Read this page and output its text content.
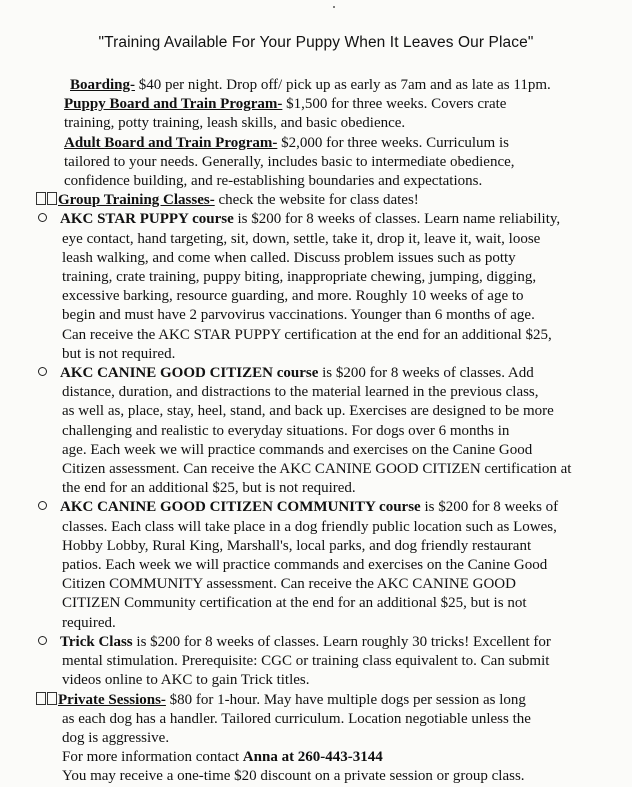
"Training Available For Your Puppy When It Leaves Our Place"
Boarding- $40 per night. Drop off/ pick up as early as 7am and as late as 11pm.
Puppy Board and Train Program- $1,500 for three weeks. Covers crate
training, potty training, leash skills, and basic obedience.
Adult Board and Train Program- $2,000 for three weeks. Curriculum is
tailored to your needs. Generally, includes basic to intermediate obedience,
confidence building, and re-establishing boundaries and expectations.
Group Training Classes- check the website for class dates!
AKC STAR PUPPY course is $200 for 8 weeks of classes. Learn name reliability,
eye contact, hand targeting, sit, down, settle, take it, drop it, leave it, wait, loose
leash walking, and come when called. Discuss problem issues such as potty
training, crate training, puppy biting, inappropriate chewing, jumping, digging,
excessive barking, resource guarding, and more. Roughly 10 weeks of age to
begin and must have 2 parvovirus vaccinations. Younger than 6 months of age.
Can receive the AKC STAR PUPPY certification at the end for an additional $25,
but is not required.
AKC CANINE GOOD CITIZEN course is $200 for 8 weeks of classes. Add
distance, duration, and distractions to the material learned in the previous class,
as well as, place, stay, heel, stand, and back up. Exercises are designed to be more
challenging and realistic to everyday situations. For dogs over 6 months in
age. Each week we will practice commands and exercises on the Canine Good
Citizen assessment. Can receive the AKC CANINE GOOD CITIZEN certification at
the end for an additional $25, but is not required.
AKC CANINE GOOD CITIZEN COMMUNITY course is $200 for 8 weeks of
classes. Each class will take place in a dog friendly public location such as Lowes,
Hobby Lobby, Rural King, Marshall's, local parks, and dog friendly restaurant
patios. Each week we will practice commands and exercises on the Canine Good
Citizen COMMUNITY assessment. Can receive the AKC CANINE GOOD
CITIZEN Community certification at the end for an additional $25, but is not
required.
Trick Class is $200 for 8 weeks of classes. Learn roughly 30 tricks! Excellent for
mental stimulation. Prerequisite: CGC or training class equivalent to. Can submit
videos online to AKC to gain Trick titles.
Private Sessions- $80 for 1-hour. May have multiple dogs per session as long
as each dog has a handler. Tailored curriculum. Location negotiable unless the
dog is aggressive.
For more information contact Anna at 260-443-3144
You may receive a one-time $20 discount on a private session or group class.
